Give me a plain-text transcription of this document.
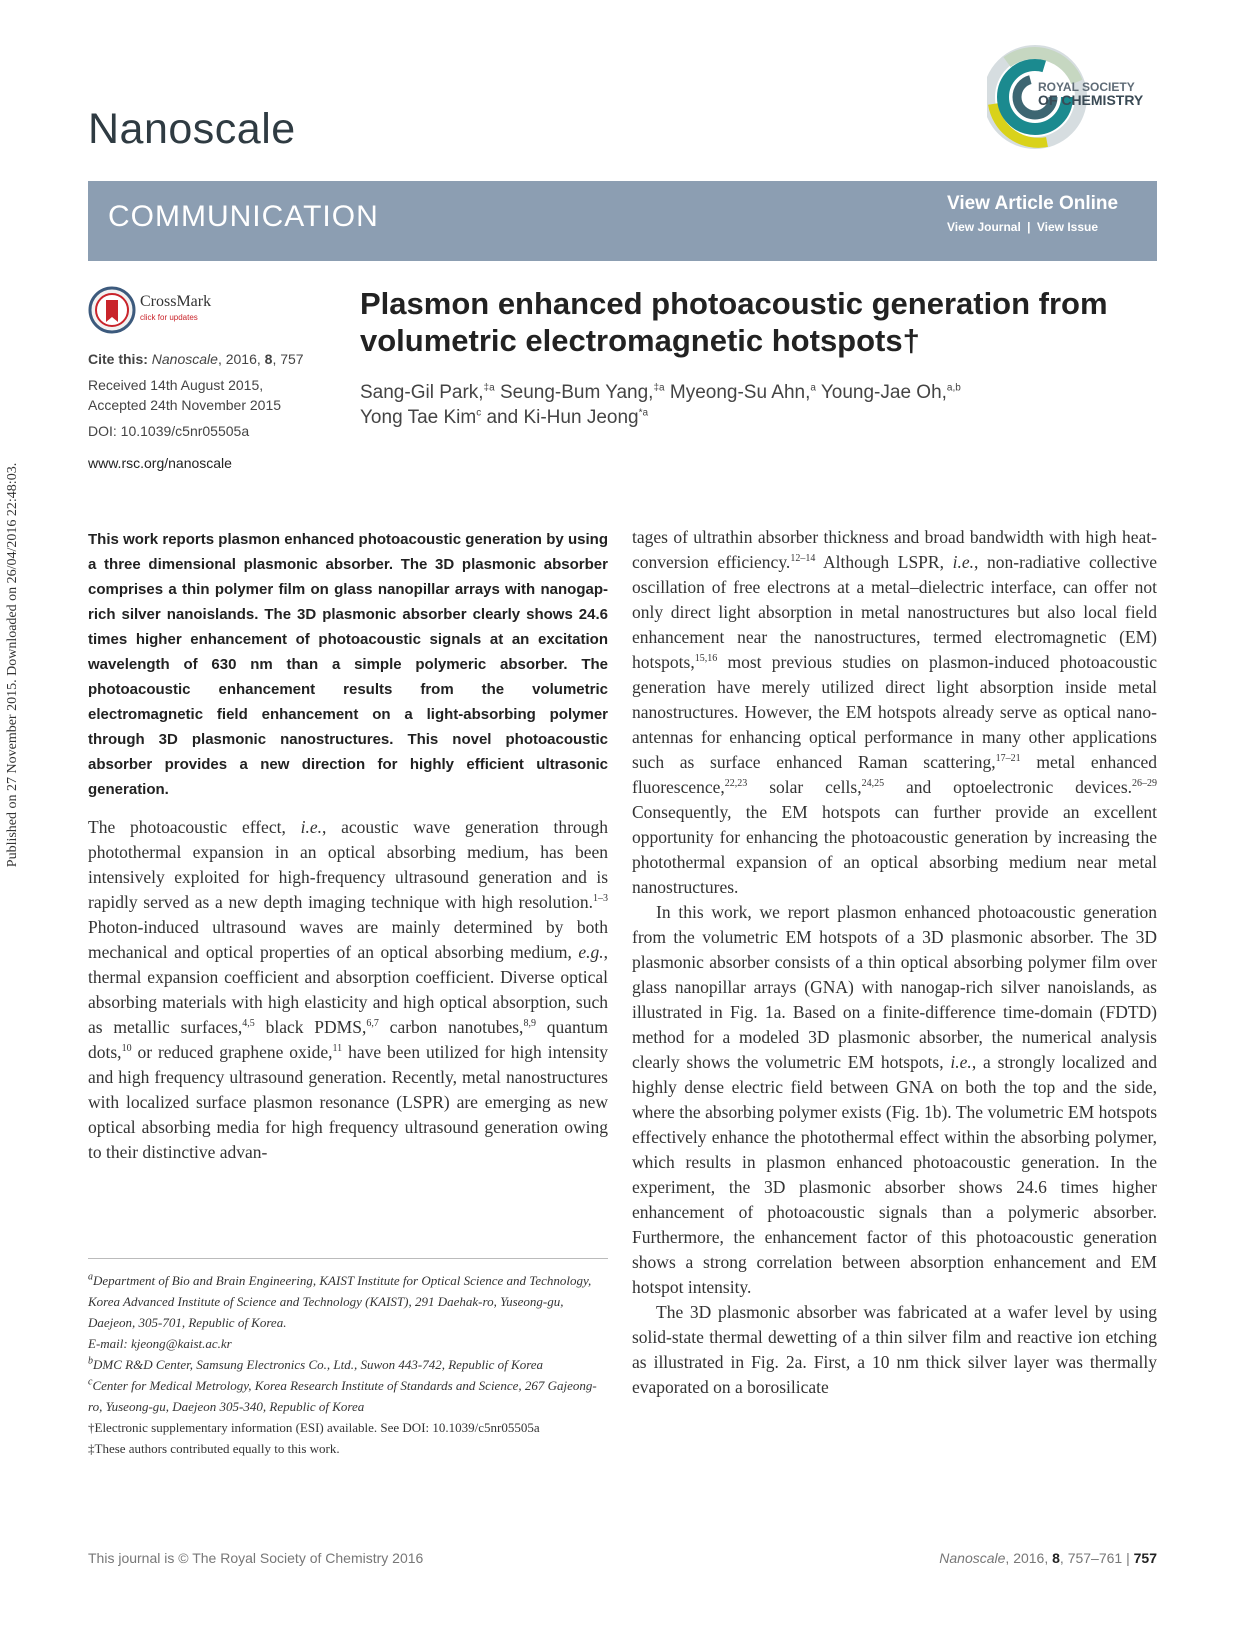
Published on 27 November 2015. Downloaded on 26/04/2016 22:48:03.
Nanoscale
ROYAL SOCIETY
OF CHEMISTRY
COMMUNICATION	View Article Online
View Journal | View Issue
CrossMark
click for updates
Cite this: Nanoscale, 2016, 8, 757
Received 14th August 2015,
Accepted 24th November 2015
DOI: 10.1039/c5nr05505a
www.rsc.org/nanoscale
Plasmon enhanced photoacoustic generation from
volumetric electromagnetic hotspots†
Sang-Gil Park,$^{\ddagger a}$ Seung-Bum Yang,$^{\ddagger a}$ Myeong-Su Ahn,$^a$ Young-Jae Oh,$^{a,b}$
Yong Tae Kim$^c$ and Ki-Hun Jeong$^{*a}$
This work reports plasmon enhanced photoacoustic generation by using a three dimensional plasmonic absorber. The 3D plasmonic absorber comprises a thin polymer film on glass nanopillar arrays with nanogap-rich silver nanoislands. The 3D plasmonic absorber clearly shows 24.6 times higher enhancement of photoacoustic signals at an excitation wavelength of 630 nm than a simple polymeric absorber. The photoacoustic enhancement results from the volumetric electromagnetic field enhancement on a light-absorbing polymer through 3D plasmonic nanostructures. This novel photoacoustic absorber provides a new direction for highly efficient ultrasonic generation.

The photoacoustic effect, i.e., acoustic wave generation through photothermal expansion in an optical absorbing medium, has been intensively exploited for high-frequency ultrasound generation and is rapidly served as a new depth imaging technique with high resolution.$^{1-3}$ Photon-induced ultrasound waves are mainly determined by both mechanical and optical properties of an optical absorbing medium, e.g., thermal expansion coefficient and absorption coefficient. Diverse optical absorbing materials with high elasticity and high optical absorption, such as metallic surfaces,$^{4,5}$ black PDMS,$^{6,7}$ carbon nanotubes,$^{8,9}$ quantum dots,$^{10}$ or reduced graphene oxide,$^{11}$ have been utilized for high intensity and high frequency ultrasound generation. Recently, metal nanostructures with localized surface plasmon resonance (LSPR) are emerging as new optical absorbing media for high frequency ultrasound generation owing to their distinctive advan-

tages of ultrathin absorber thickness and broad bandwidth with high heat-conversion efficiency.$^{12-14}$ Although LSPR, i.e., non-radiative collective oscillation of free electrons at a metal–dielectric interface, can offer not only direct light absorption in metal nanostructures but also local field enhancement near the nanostructures, termed electromagnetic (EM) hotspots,$^{15,16}$ most previous studies on plasmon-induced photoacoustic generation have merely utilized direct light absorption inside metal nanostructures. However, the EM hotspots already serve as optical nano-antennas for enhancing optical performance in many other applications such as surface enhanced Raman scattering,$^{17-21}$ metal enhanced fluorescence,$^{22,23}$ solar cells,$^{24,25}$ and optoelectronic devices.$^{26-29}$ Consequently, the EM hotspots can further provide an excellent opportunity for enhancing the photoacoustic generation by increasing the photothermal expansion of an optical absorbing medium near metal nanostructures.

In this work, we report plasmon enhanced photoacoustic generation from the volumetric EM hotspots of a 3D plasmonic absorber. The 3D plasmonic absorber consists of a thin optical absorbing polymer film over glass nanopillar arrays (GNA) with nanogap-rich silver nanoislands, as illustrated in Fig. 1a. Based on a finite-difference time-domain (FDTD) method for a modeled 3D plasmonic absorber, the numerical analysis clearly shows the volumetric EM hotspots, i.e., a strongly localized and highly dense electric field between GNA on both the top and the side, where the absorbing polymer exists (Fig. 1b). The volumetric EM hotspots effectively enhance the photothermal effect within the absorbing polymer, which results in plasmon enhanced photoacoustic generation. In the experiment, the 3D plasmonic absorber shows 24.6 times higher enhancement of photoacoustic signals than a polymeric absorber. Furthermore, the enhancement factor of this photoacoustic generation shows a strong correlation between absorption enhancement and EM hotspot intensity.

The 3D plasmonic absorber was fabricated at a wafer level by using solid-state thermal dewetting of a thin silver film and reactive ion etching as illustrated in Fig. 2a. First, a 10 nm thick silver layer was thermally evaporated on a borosilicate

$^a$Department of Bio and Brain Engineering, KAIST Institute for Optical Science and Technology, Korea Advanced Institute of Science and Technology (KAIST), 291 Daehak-ro, Yuseong-gu, Daejeon, 305-701, Republic of Korea.
E-mail: kjeong@kaist.ac.kr
$^b$DMC R&D Center, Samsung Electronics Co., Ltd., Suwon 443-742, Republic of Korea
$^c$Center for Medical Metrology, Korea Research Institute of Standards and Science, 267 Gajeong-ro, Yuseong-gu, Daejeon 305-340, Republic of Korea
†Electronic supplementary information (ESI) available. See DOI: 10.1039/c5nr05505a
‡These authors contributed equally to this work.
This journal is © The Royal Society of Chemistry 2016	Nanoscale, 2016, 8, 757–761 | 757
